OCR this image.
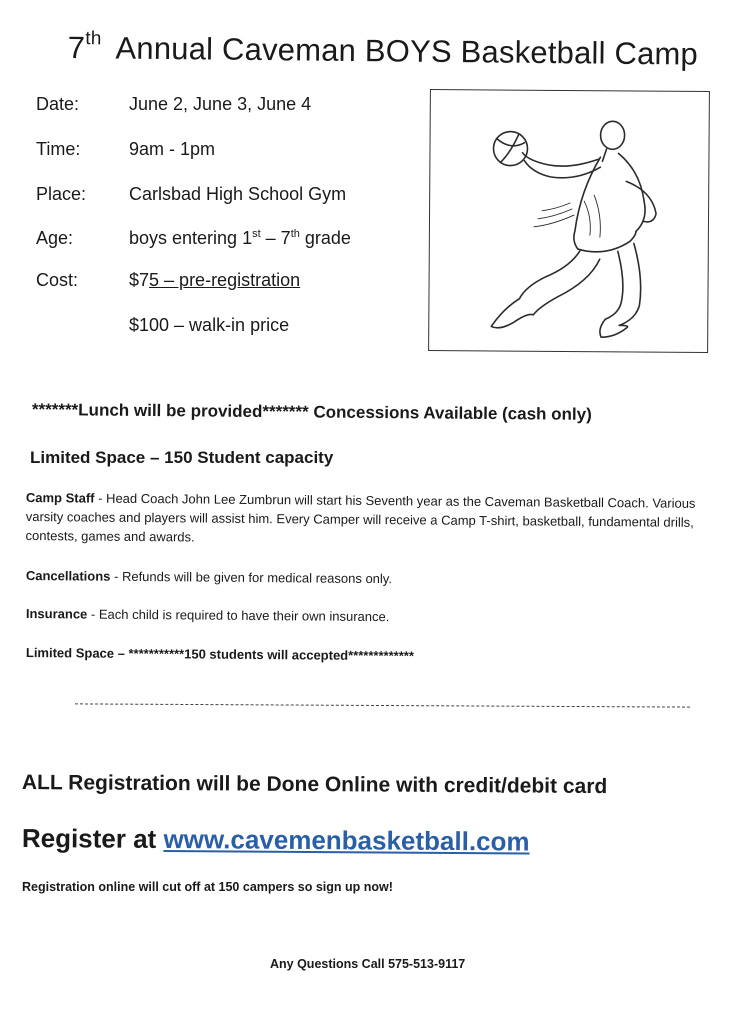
7th Annual Caveman BOYS Basketball Camp
Date:	June 2, June 3, June 4
Time:	9am - 1pm
Place: Carlsbad High School Gym
Age:	boys entering 1st – 7th grade
Cost:	$75 – pre-registration
$100 – walk-in price
*******Lunch will be provided******* Concessions Available (cash only)
Limited Space – 150 Student capacity
Camp Staff - Head Coach John Lee Zumbrun will start his Seventh year as the Caveman Basketball Coach. Various varsity coaches and players will assist him. Every Camper will receive a Camp T-shirt, basketball, fundamental drills, contests, games and awards.
Cancellations - Refunds will be given for medical reasons only.
Insurance - Each child is required to have their own insurance.
Limited Space – ***********150 students will accepted*************
ALL Registration will be Done Online with credit/debit card
Register at www.cavemenbasketball.com
Registration online will cut off at 150 campers so sign up now!
Any Questions Call 575-513-9117
